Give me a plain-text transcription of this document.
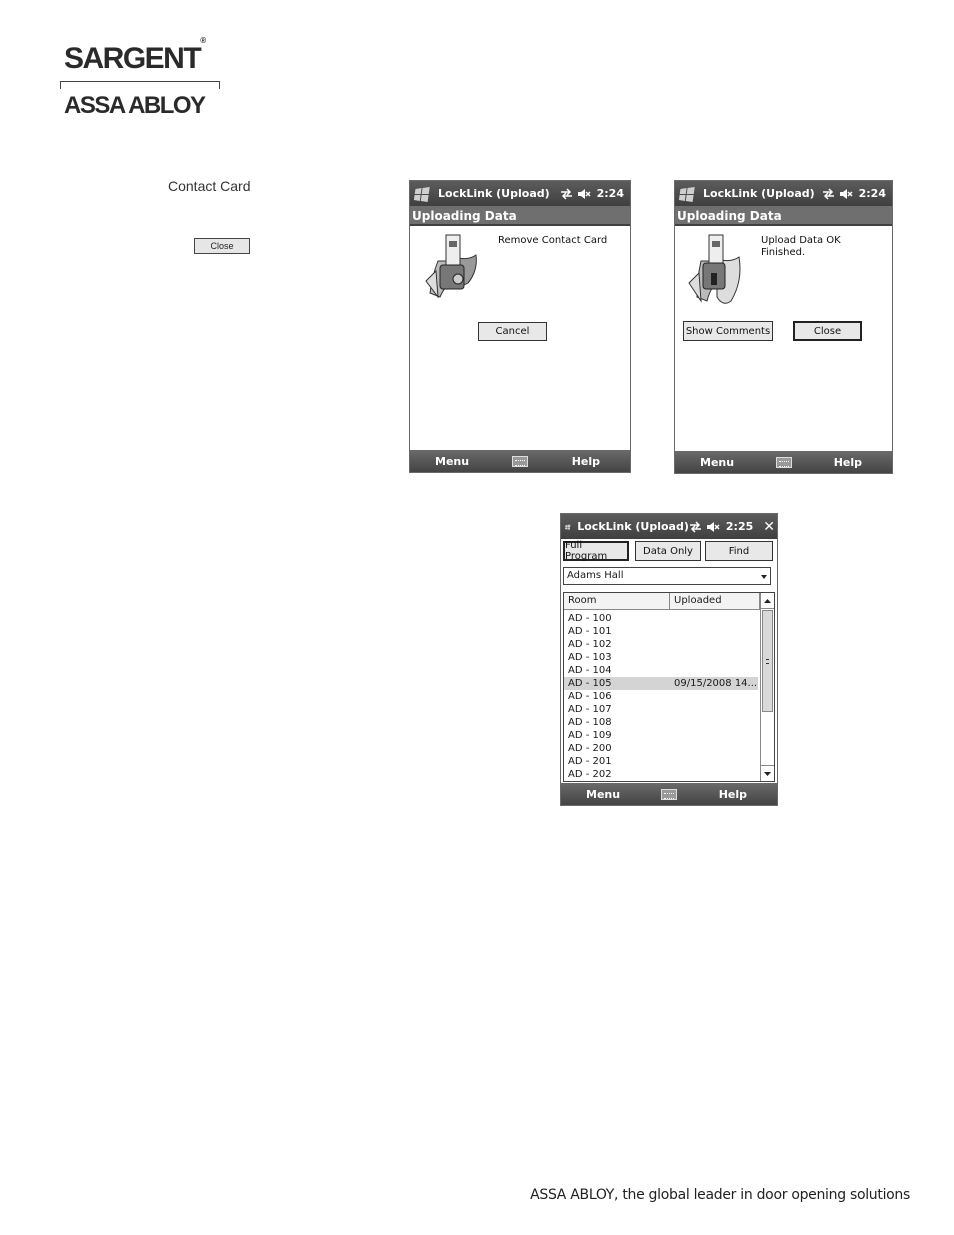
SARGENT®
ASSA ABLOY
Contact Card
Close
LockLink (Upload)	2:24
Uploading Data
Remove Contact Card
Cancel
Menu	Help
LockLink (Upload)	2:24
Uploading Data
Upload Data OK
Finished.
Show Comments	Close
Menu	Help
LockLink (Upload)	2:25 ✕
Full Program	Data Only	Find
Adams Hall
Room	Uploaded
AD - 100
AD - 101
AD - 102
AD - 103
AD - 104
AD - 105	09/15/2008 14...
AD - 106
AD - 107
AD - 108
AD - 109
AD - 200
AD - 201
AD - 202
Menu	Help
ASSA ABLOY, the global leader in door opening solutions
